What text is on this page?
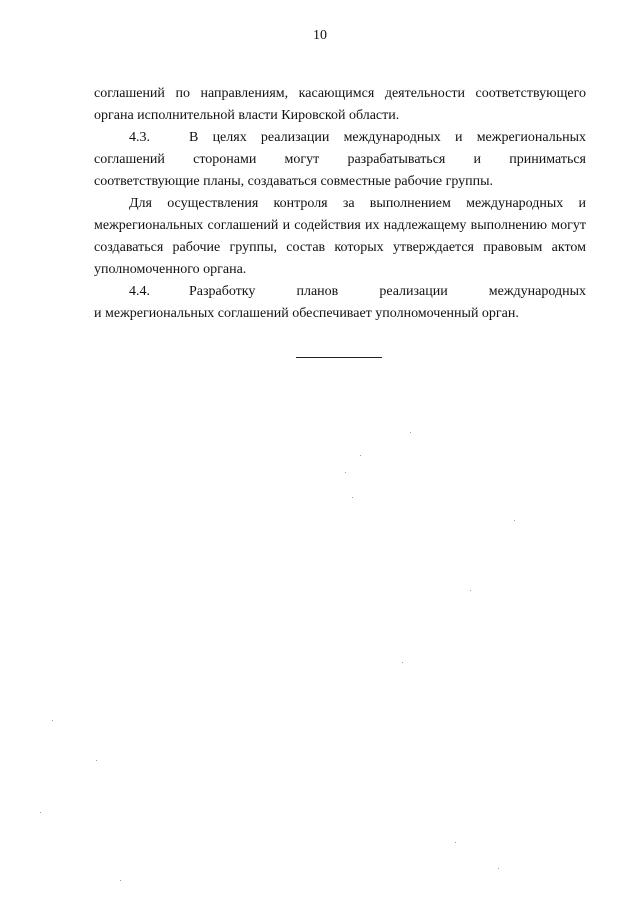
10

соглашений по направлениям, касающимся деятельности соответствующего

органа исполнительной власти Кировской области.

4.3.	В целях реализации международных и межрегиональных

соглашений сторонами могут разрабатываться и приниматься

соответствующие планы, создаваться совместные рабочие группы.

Для осуществления контроля за выполнением международных и межрегиональных соглашений и содействия их надлежащему выполнению могут создаваться рабочие группы, состав которых утверждается правовым актом уполномоченного органа.

4.4.	Разработку планов реализации международных

и межрегиональных соглашений обеспечивает уполномоченный орган.
